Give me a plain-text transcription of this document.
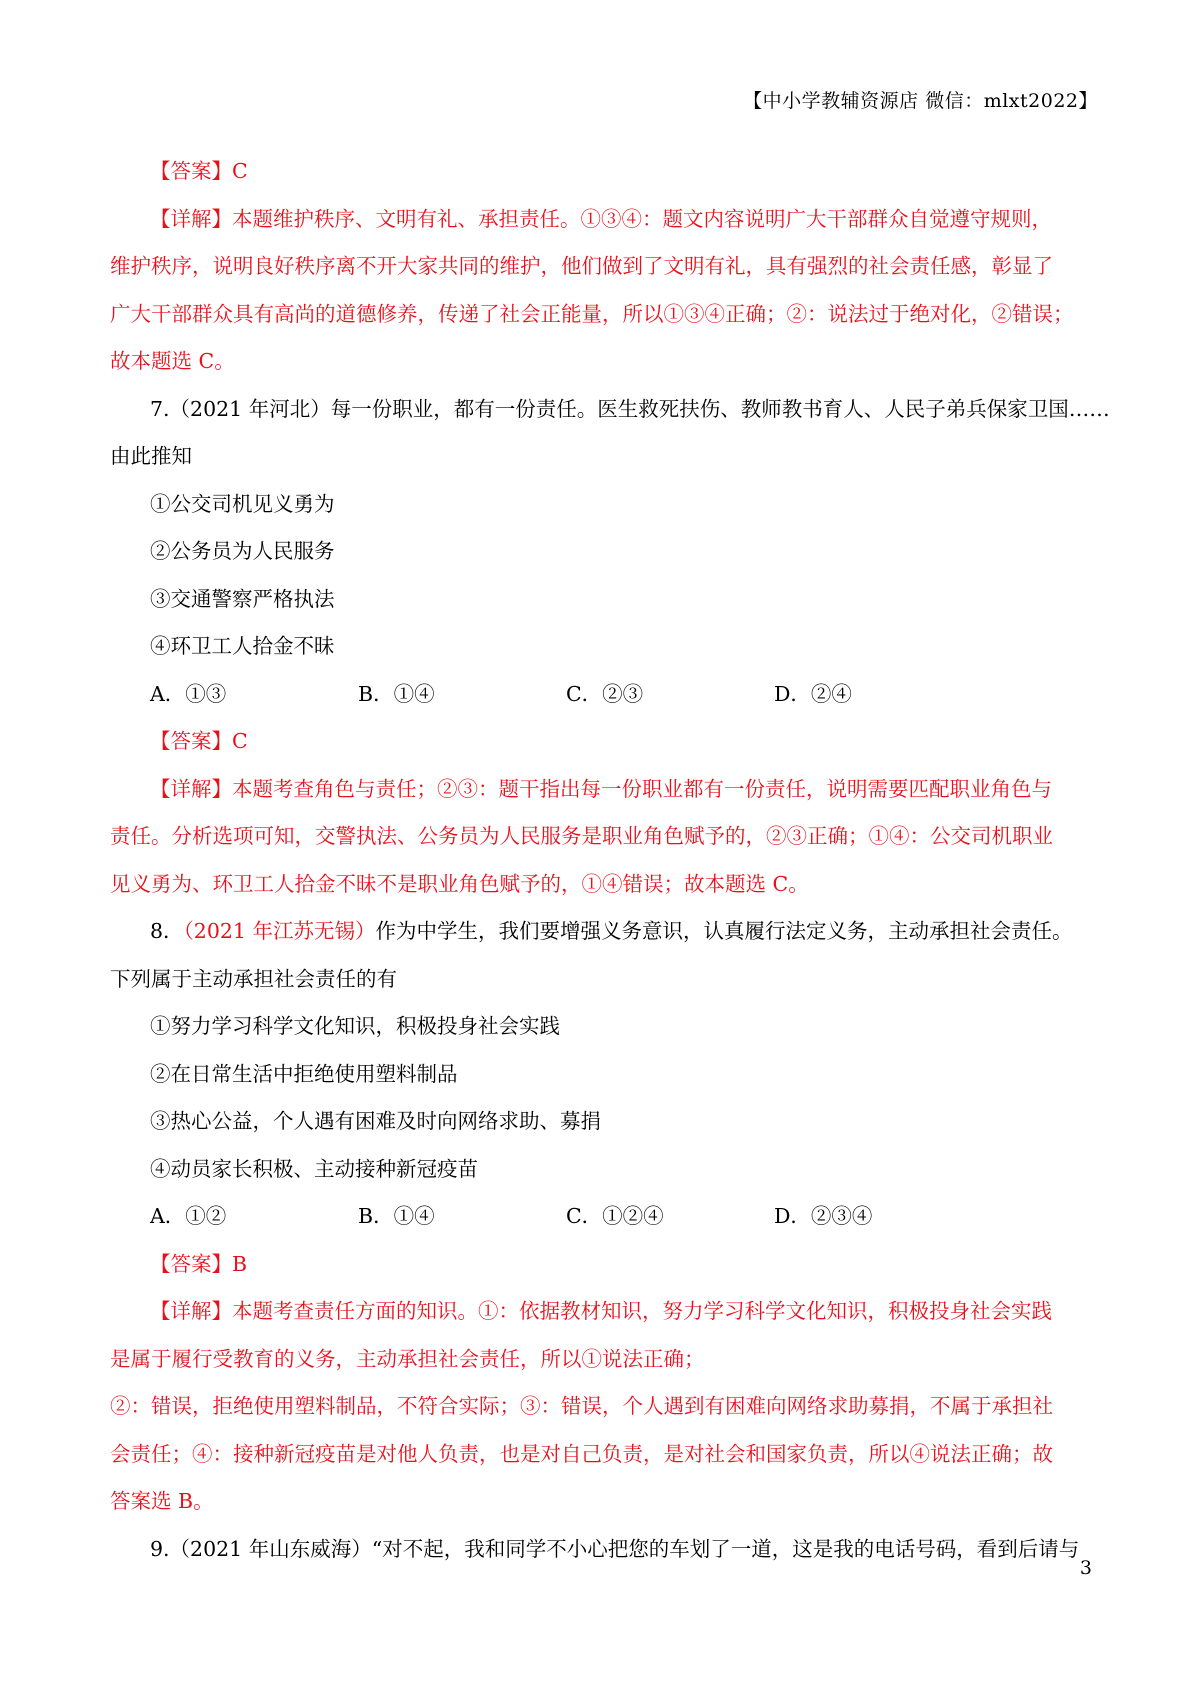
【中小学教辅资源店 微信：mlxt2022】
【答案】C
【详解】本题维护秩序、文明有礼、承担责任。①③④：题文内容说明广大干部群众自觉遵守规则，
维护秩序，说明良好秩序离不开大家共同的维护，他们做到了文明有礼，具有强烈的社会责任感，彰显了
广大干部群众具有高尚的道德修养，传递了社会正能量，所以①③④正确；②：说法过于绝对化，②错误；
故本题选 C。
7.（2021 年河北）每一份职业，都有一份责任。医生救死扶伤、教师教书育人、人民子弟兵保家卫国……
由此推知
①公交司机见义勇为
②公务员为人民服务
③交通警察严格执法
④环卫工人拾金不昧
A．①③	B．①④	C．②③	D．②④
【答案】C
【详解】本题考查角色与责任；②③：题干指出每一份职业都有一份责任，说明需要匹配职业角色与
责任。分析选项可知，交警执法、公务员为人民服务是职业角色赋予的，②③正确；①④：公交司机职业
见义勇为、环卫工人拾金不昧不是职业角色赋予的，①④错误；故本题选 C。
8．（2021 年江苏无锡）作为中学生，我们要增强义务意识，认真履行法定义务，主动承担社会责任。
下列属于主动承担社会责任的有
①努力学习科学文化知识，积极投身社会实践
②在日常生活中拒绝使用塑料制品
③热心公益，个人遇有困难及时向网络求助、募捐
④动员家长积极、主动接种新冠疫苗
A．①②	B．①④	C．①②④	D．②③④
【答案】B
【详解】本题考查责任方面的知识。①：依据教材知识，努力学习科学文化知识，积极投身社会实践
是属于履行受教育的义务，主动承担社会责任，所以①说法正确；
②：错误，拒绝使用塑料制品，不符合实际；③：错误，个人遇到有困难向网络求助募捐，不属于承担社
会责任；④：接种新冠疫苗是对他人负责，也是对自己负责，是对社会和国家负责，所以④说法正确；故
答案选 B。
9.（2021 年山东威海）“对不起，我和同学不小心把您的车划了一道，这是我的电话号码，看到后请与
3
